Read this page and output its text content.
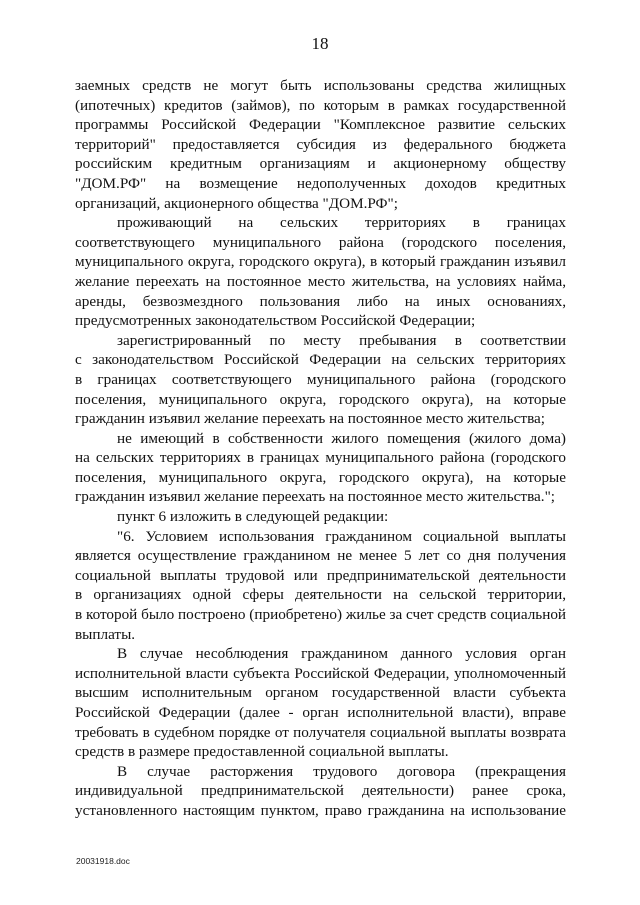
18
заемных средств не могут быть использованы средства жилищных
(ипотечных) кредитов (займов), по которым в рамках государственной
программы Российской Федерации "Комплексное развитие сельских
территорий" предоставляется субсидия из федерального бюджета
российским кредитным организациям и акционерному обществу
"ДОМ.РФ" на возмещение недополученных доходов кредитных
организаций, акционерного общества "ДОМ.РФ";
проживающий на сельских территориях в границах
соответствующего муниципального района (городского поселения,
муниципального округа, городского округа), в который гражданин изъявил
желание переехать на постоянное место жительства, на условиях найма,
аренды, безвозмездного пользования либо на иных основаниях,
предусмотренных законодательством Российской Федерации;
зарегистрированный по месту пребывания в соответствии
с законодательством Российской Федерации на сельских территориях
в границах соответствующего муниципального района (городского
поселения, муниципального округа, городского округа), на которые
гражданин изъявил желание переехать на постоянное место жительства;
не имеющий в собственности жилого помещения (жилого дома)
на сельских территориях в границах муниципального района (городского
поселения, муниципального округа, городского округа), на которые
гражданин изъявил желание переехать на постоянное место жительства.";
пункт 6 изложить в следующей редакции:
"6. Условием использования гражданином социальной выплаты
является осуществление гражданином не менее 5 лет со дня получения
социальной выплаты трудовой или предпринимательской деятельности
в организациях одной сферы деятельности на сельской территории,
в которой было построено (приобретено) жилье за счет средств социальной
выплаты.
В случае несоблюдения гражданином данного условия орган
исполнительной власти субъекта Российской Федерации, уполномоченный
высшим исполнительным органом государственной власти субъекта
Российской Федерации (далее - орган исполнительной власти), вправе
требовать в судебном порядке от получателя социальной выплаты возврата
средств в размере предоставленной социальной выплаты.
В случае расторжения трудового договора (прекращения
индивидуальной предпринимательской деятельности) ранее срока,
установленного настоящим пунктом, право гражданина на использование
20031918.doc
